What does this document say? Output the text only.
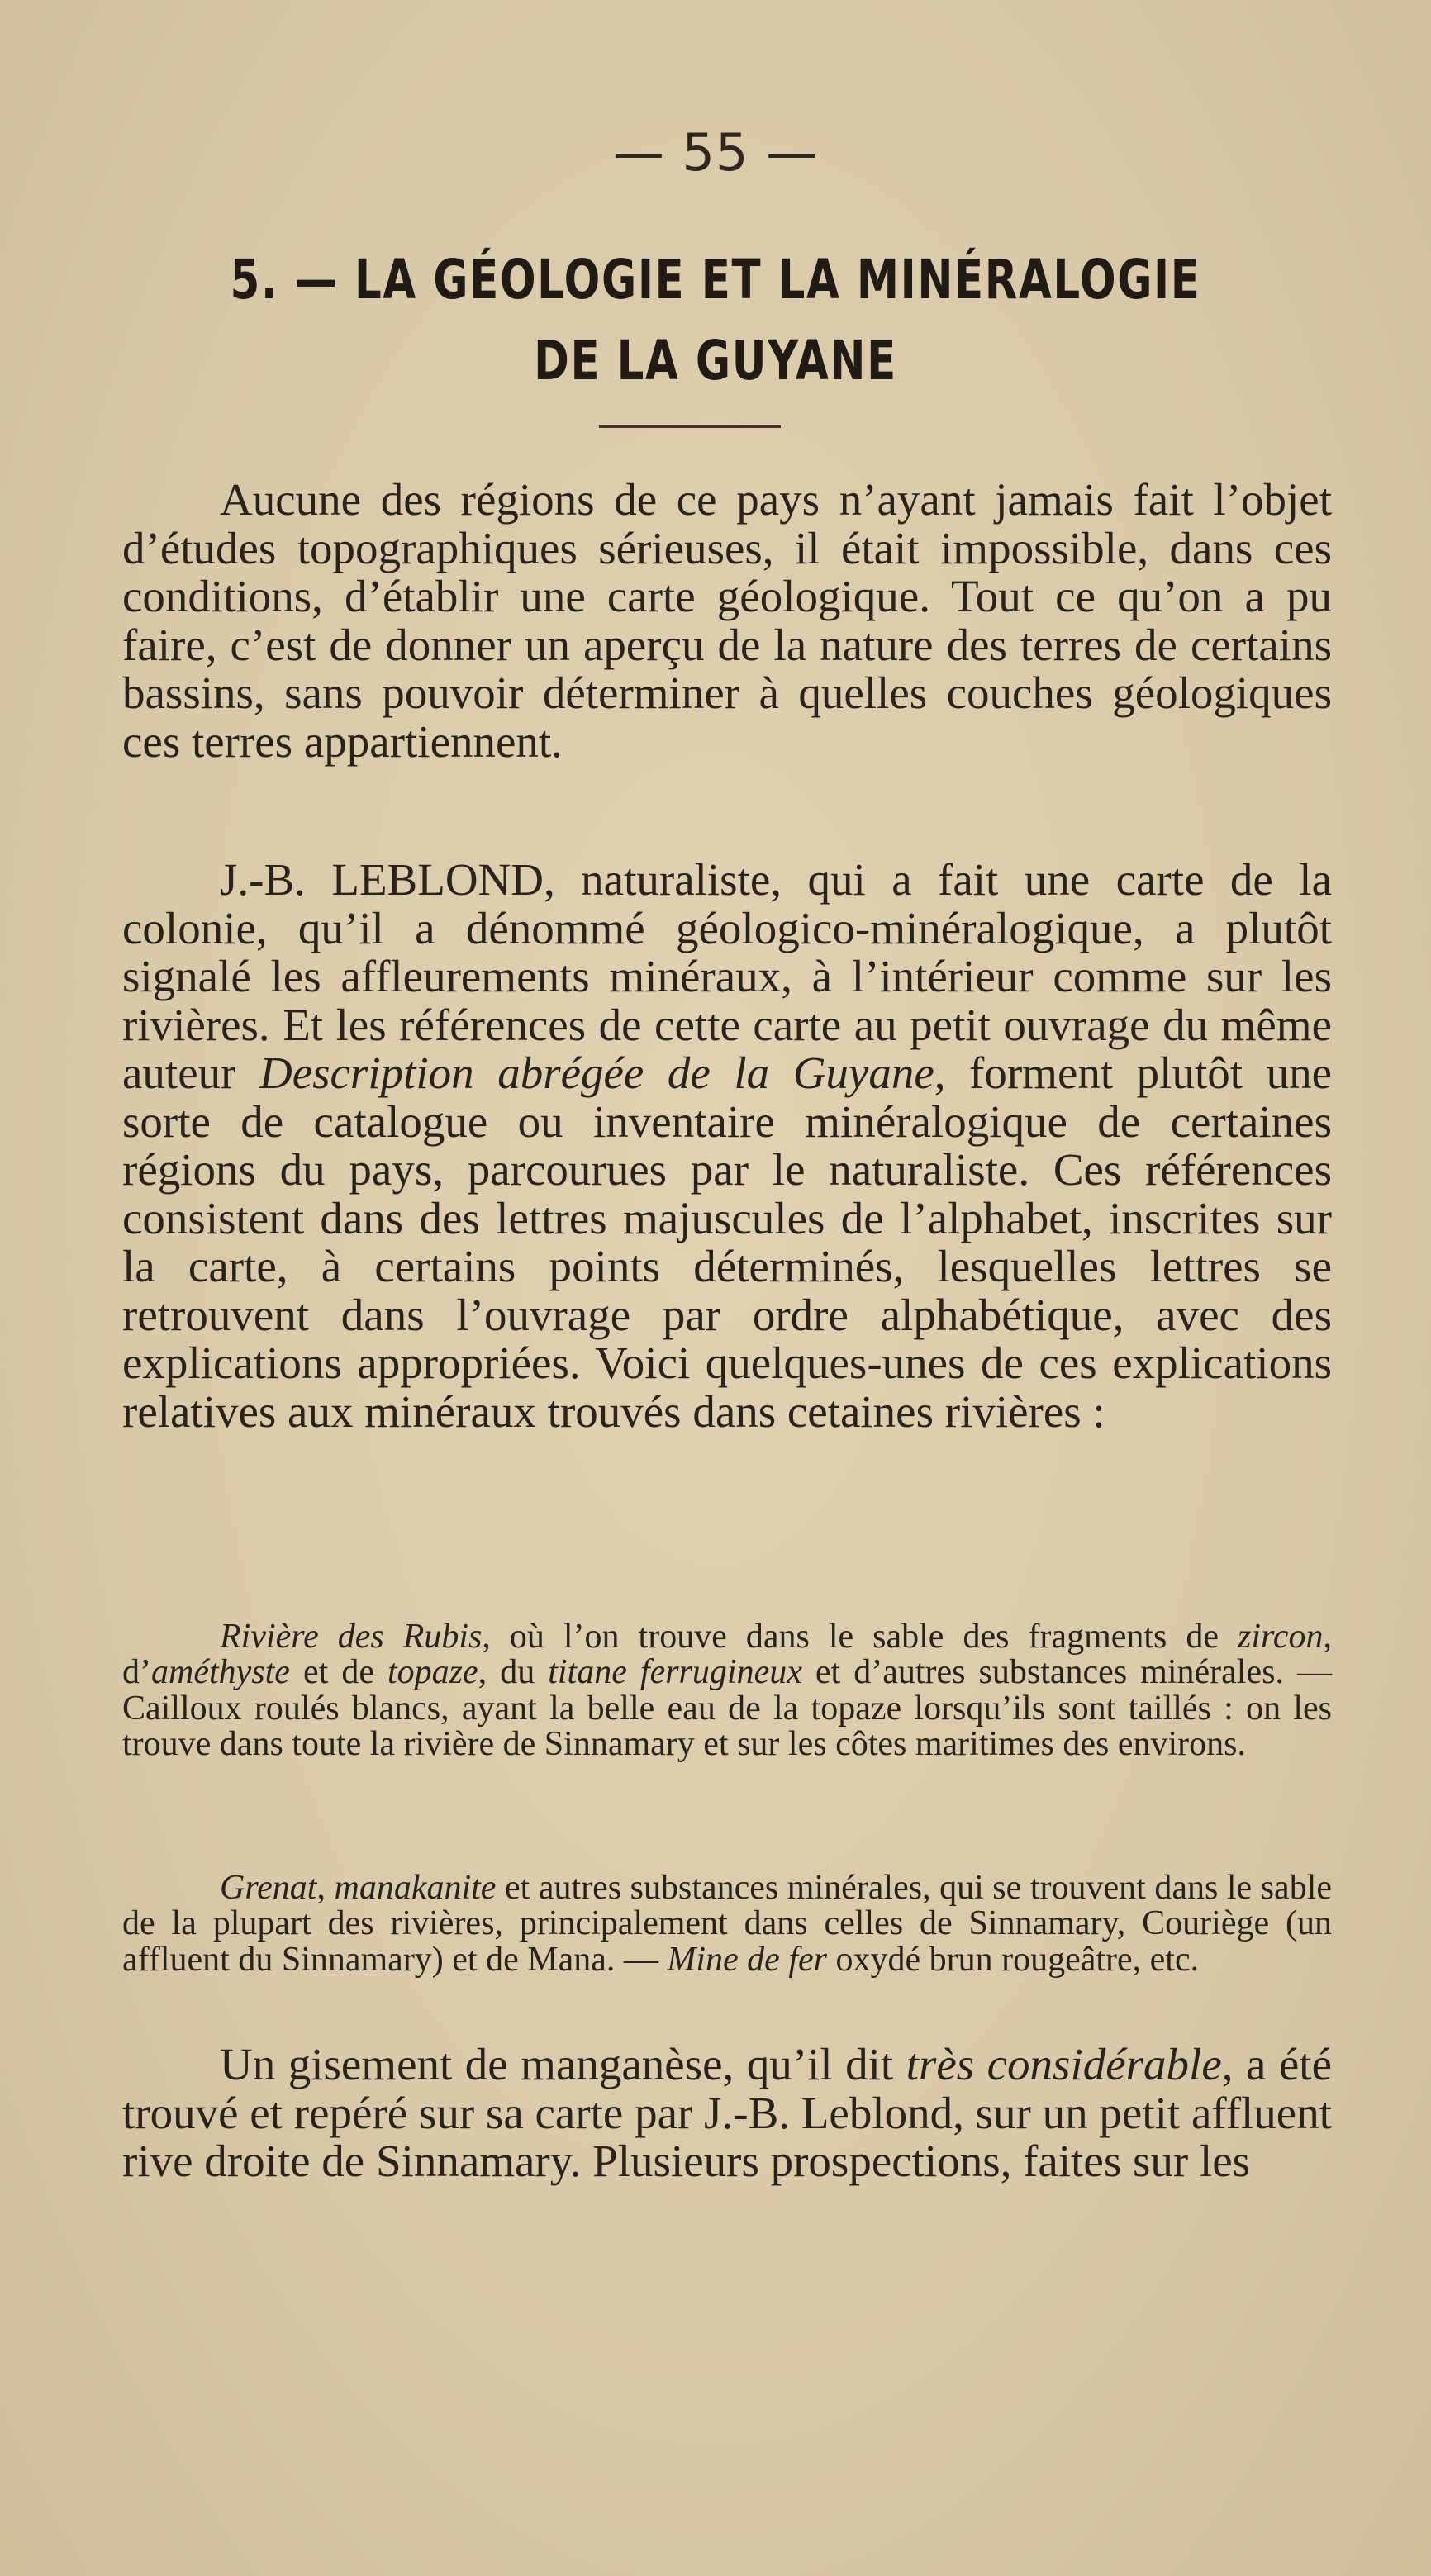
— 55 —
5. — LA GÉOLOGIE ET LA MINÉRALOGIE
DE LA GUYANE

Aucune des régions de ce pays n’ayant jamais fait l’objet d’études topographiques sérieuses, il était impossible, dans ces conditions, d’établir une carte géologique. Tout ce qu’on a pu faire, c’est de donner un aperçu de la nature des terres de certains bassins, sans pouvoir déterminer à quelles couches géologiques ces terres appartiennent.

J.-B. LEBLOND, naturaliste, qui a fait une carte de la colonie, qu’il a dénommé géologico-minéralogique, a plutôt signalé les affleurements minéraux, à l’intérieur comme sur les rivières. Et les références de cette carte au petit ouvrage du même auteur Description abrégée de la Guyane, forment plutôt une sorte de catalogue ou inventaire minéralogique de certaines régions du pays, parcourues par le naturaliste. Ces références consistent dans des lettres majuscules de l’alphabet, inscrites sur la carte, à certains points déterminés, lesquelles lettres se retrouvent dans l’ouvrage par ordre alphabétique, avec des explications appropriées. Voici quelques-unes de ces explications relatives aux minéraux trouvés dans cetaines rivières :

Rivière des Rubis, où l’on trouve dans le sable des fragments de zircon, d’améthyste et de topaze, du titane ferrugineux et d’autres substances minérales. — Cailloux roulés blancs, ayant la belle eau de la topaze lorsqu’ils sont taillés : on les trouve dans toute la rivière de Sinnamary et sur les côtes maritimes des environs.

Grenat, manakanite et autres substances minérales, qui se trouvent dans le sable de la plupart des rivières, principalement dans celles de Sinnamary, Couriège (un affluent du Sinnamary) et de Mana. — Mine de fer oxydé brun rougeâtre, etc.

Un gisement de manganèse, qu’il dit très considérable, a été trouvé et repéré sur sa carte par J.-B. Leblond, sur un petit affluent rive droite de Sinnamary. Plusieurs prospections, faites sur les
